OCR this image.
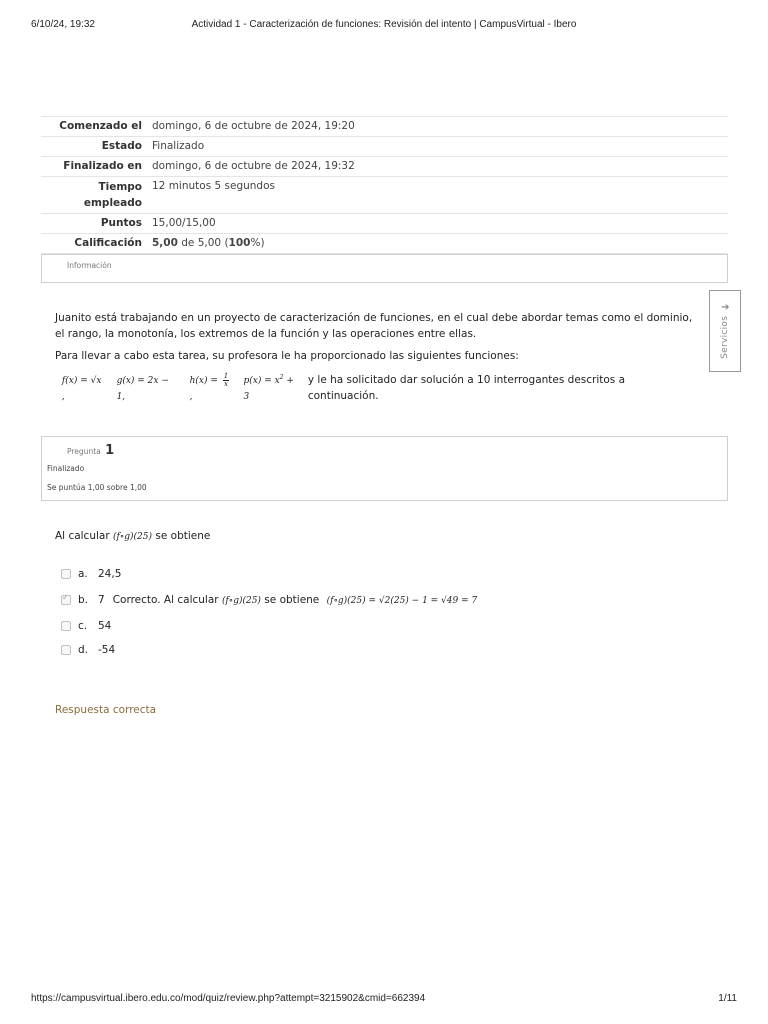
6/10/24, 19:32	Actividad 1 - Caracterización de funciones: Revisión del intento | CampusVirtual - Ibero
Comenzado el	domingo, 6 de octubre de 2024, 19:20
Estado	Finalizado
Finalizado en	domingo, 6 de octubre de 2024, 19:32
Tiempo
empleado	12 minutos 5 segundos
Puntos	15,00/15,00
Calificación	5,00 de 5,00 (100%)
Información
Servicios
➔

Juanito está trabajando en un proyecto de caracterización de funciones, en el cual debe abordar temas como el dominio, el rango, la monotonía, los extremos de la función y las operaciones entre ellas.

Para llevar a cabo esta tarea, su profesora le ha proporcionado las siguientes funciones:

f(x) = √x ,
g(x) = 2x − 1,
$h(x) = \frac{1}{x}$
,
$p(x) = x^2 + 3$
y le ha solicitado dar solución a 10 interrogantes descritos a continuación.
Pregunta 1
Finalizado
Se puntúa 1,00 sobre 1,00
Al calcular (f∘g)(25) se obtiene
a. 24,5
✓
b. 7 Correcto. Al calcular (f∘g)(25) se obtiene (f∘g)(25) = √2(25) − 1 = √49 = 7
c.	54
d. -54
Respuesta correcta
https://campusvirtual.ibero.edu.co/mod/quiz/review.php?attempt=3215902&cmid=662394	1/11
